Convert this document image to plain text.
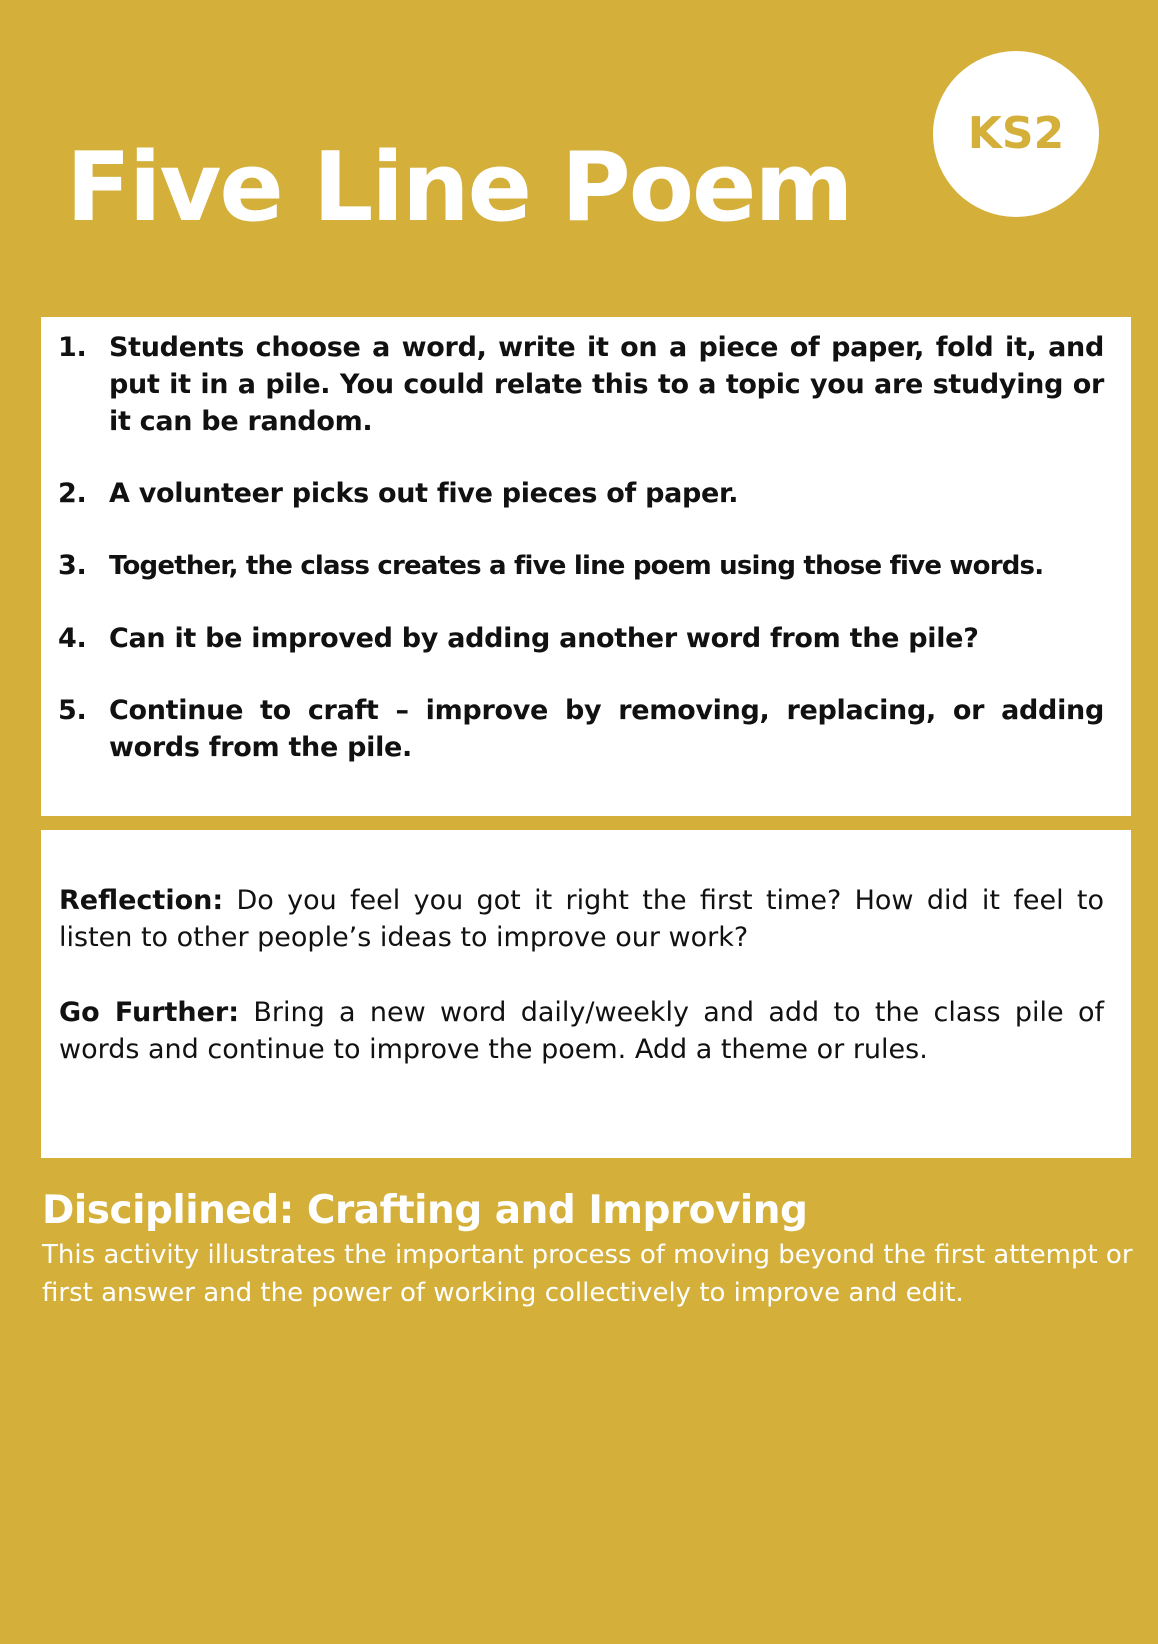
KS2
Five Line Poem
1. Students choose a word, write it on a piece of paper, fold it, and put it in a pile. You could relate this to a topic you are studying or it can be random.
2. A volunteer picks out five pieces of paper.
3. Together, the class creates a five line poem using those five words.
4. Can it be improved by adding another word from the pile?
5. Continue to craft – improve by removing, replacing, or adding words from the pile.

Reflection: Do you feel you got it right the first time? How did it feel to listen to other people’s ideas to improve our work?

Go Further: Bring a new word daily/weekly and add to the class pile of words and continue to improve the poem. Add a theme or rules.

Disciplined: Crafting and Improving

This activity illustrates the important process of moving beyond the first attempt or first answer and the power of working collectively to improve and edit.
